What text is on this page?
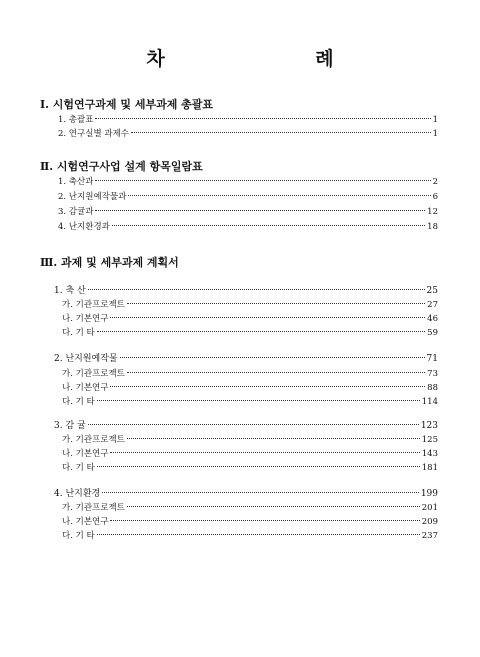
차 례
Ⅰ. 시험연구과제 및 세부과제 총괄표
1. 총괄표	1
2. 연구실별 과제수	1
Ⅱ. 시험연구사업 설계 항목일람표
1. 축산과	2
2. 난지원예작물과	6
3. 감귤과	12
4. 난지환경과	18
Ⅲ. 과제 및 세부과제 계획서
1. 축 산	25
가. 기관프로젝트	27
나. 기본연구	46
다. 기 타	59
2. 난지원예작물	71
가. 기관프로젝트	73
나. 기본연구	88
다. 기 타	114
3. 감 귤	123
가. 기관프로젝트	125
나. 기본연구	143
다. 기 타	181
4. 난지환경	199
가. 기관프로젝트	201
나. 기본연구	209
다. 기 타	237
